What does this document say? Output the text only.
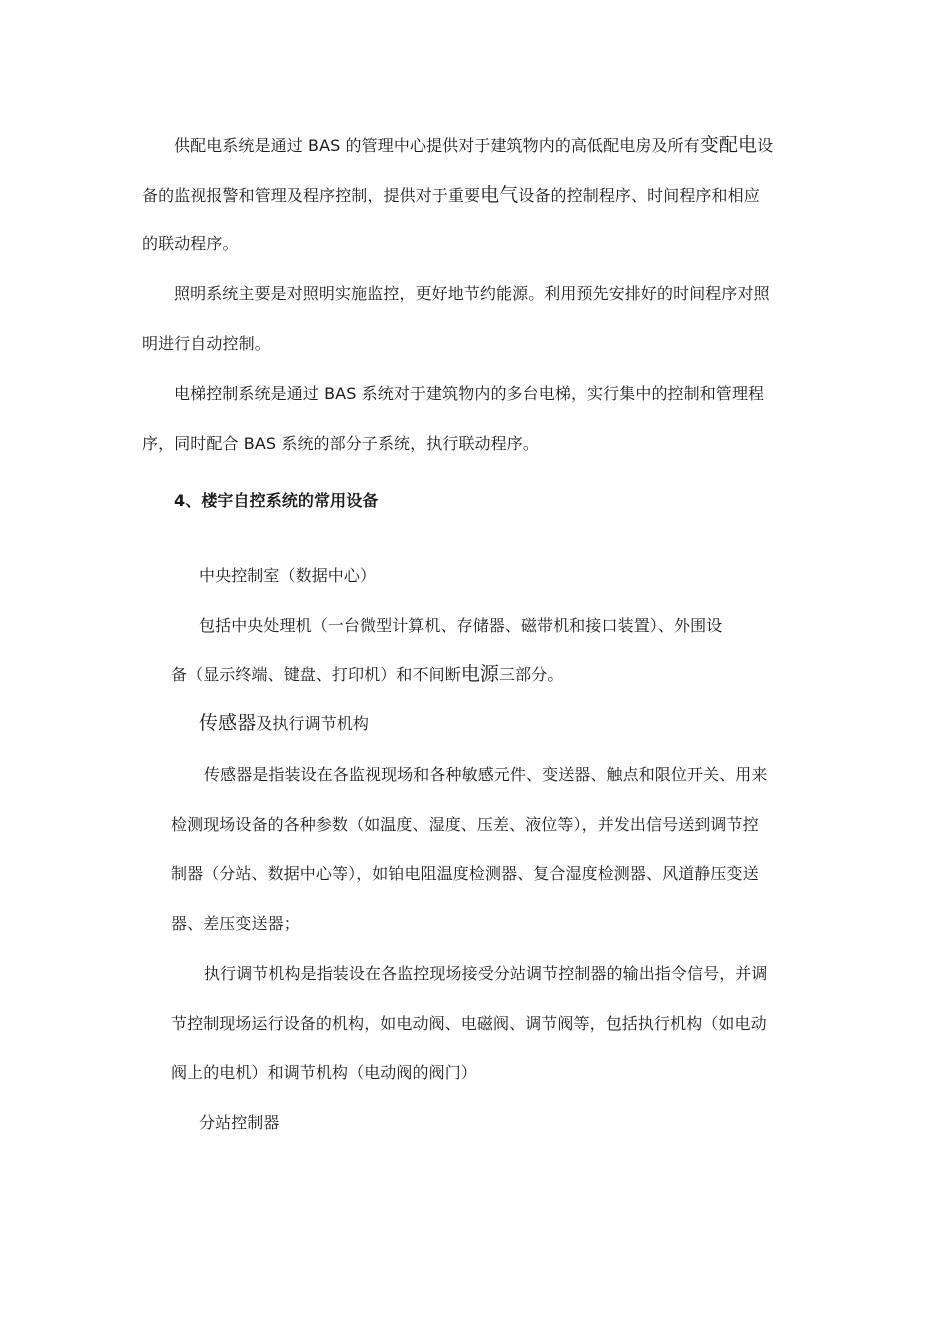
供配电系统是通过 BAS 的管理中心提供对于建筑物内的高低配电房及所有变配电设
备的监视报警和管理及程序控制，提供对于重要电气设备的控制程序、时间程序和相应
的联动程序。
照明系统主要是对照明实施监控，更好地节约能源。利用预先安排好的时间程序对照
明进行自动控制。
电梯控制系统是通过 BAS 系统对于建筑物内的多台电梯，实行集中的控制和管理程
序，同时配合 BAS 系统的部分子系统，执行联动程序。
4、楼宇自控系统的常用设备
中央控制室（数据中心）
包括中央处理机（一台微型计算机、存储器、磁带机和接口装置）、外围设
备（显示终端、键盘、打印机）和不间断电源三部分。
传感器及执行调节机构
传感器是指装设在各监视现场和各种敏感元件、变送器、触点和限位开关、用来
检测现场设备的各种参数（如温度、湿度、压差、液位等），并发出信号送到调节控
制器（分站、数据中心等），如铂电阻温度检测器、复合湿度检测器、风道静压变送
器、差压变送器；
执行调节机构是指装设在各监控现场接受分站调节控制器的输出指令信号，并调
节控制现场运行设备的机构，如电动阀、电磁阀、调节阀等，包括执行机构（如电动
阀上的电机）和调节机构（电动阀的阀门）
分站控制器
